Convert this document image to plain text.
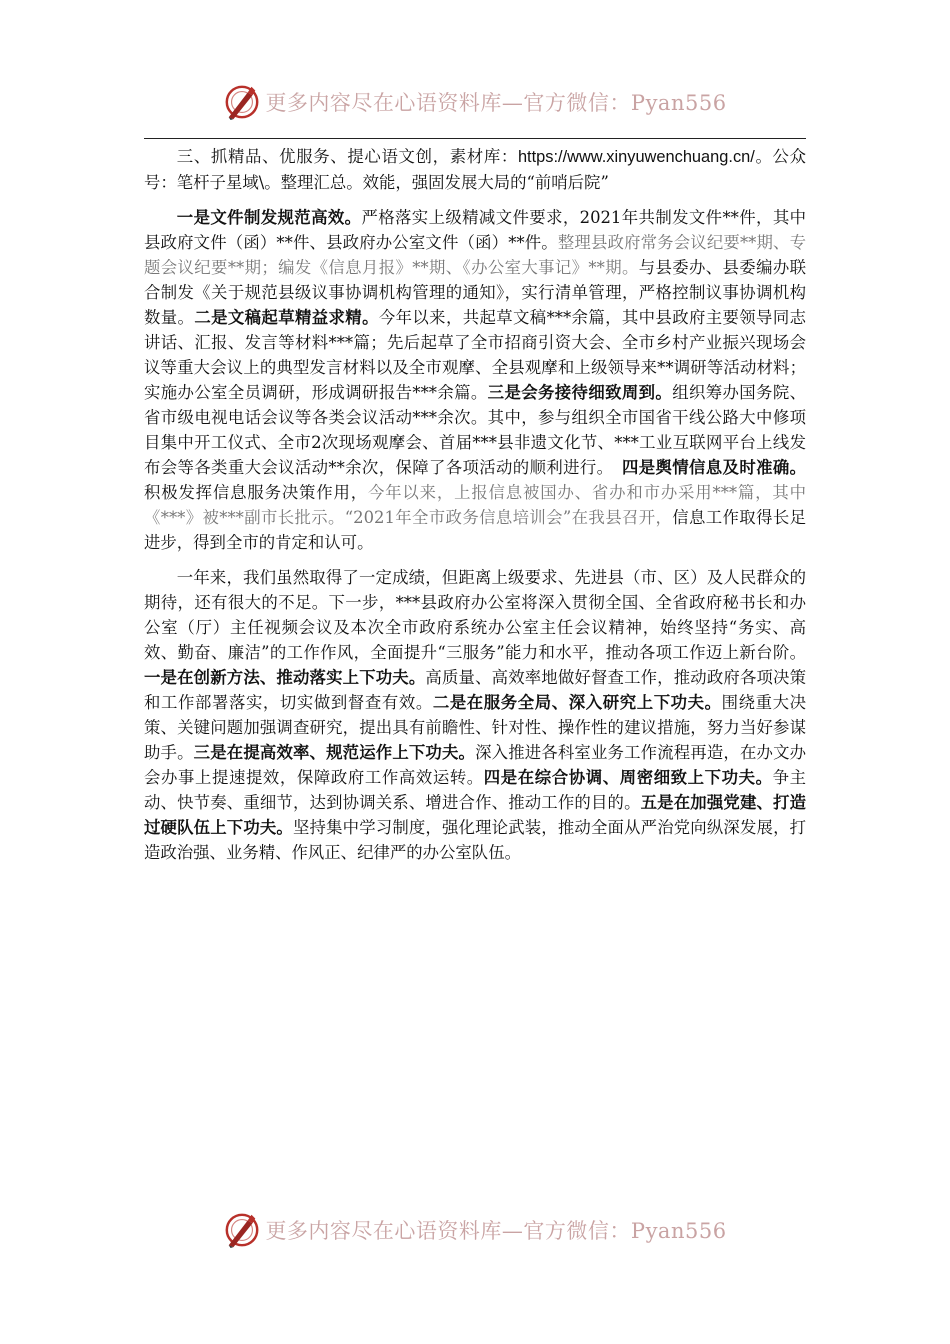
更多内容尽在心语资料库—官方微信：Pyan556

三、抓精品、优服务、提心语文创，素材库：https://www.xinyuwenchuang.cn/。公众号：笔杆子星域\。整理汇总。效能，强固发展大局的“前哨后院”

一是文件制发规范高效。严格落实上级精减文件要求，2021年共制发文件**件，其中县政府文件（函）**件、县政府办公室文件（函）**件。整理县政府常务会议纪要**期、专题会议纪要**期；编发《信息月报》**期、《办公室大事记》**期。与县委办、县委编办联合制发《关于规范县级议事协调机构管理的通知》，实行清单管理，严格控制议事协调机构数量。二是文稿起草精益求精。今年以来，共起草文稿***余篇，其中县政府主要领导同志讲话、汇报、发言等材料***篇；先后起草了全市招商引资大会、全市乡村产业振兴现场会议等重大会议上的典型发言材料以及全市观摩、全县观摩和上级领导来**调研等活动材料；实施办公室全员调研，形成调研报告***余篇。三是会务接待细致周到。组织筹办国务院、省市级电视电话会议等各类会议活动***余次。其中，参与组织全市国省干线公路大中修项目集中开工仪式、全市2次现场观摩会、首届***县非遗文化节、***工业互联网平台上线发布会等各类重大会议活动**余次，保障了各项活动的顺利进行。　 四是舆情信息及时准确。积极发挥信息服务决策作用，今年以来，上报信息被国办、省办和市办采用***篇，其中《***》被***副市长批示。“2021年全市政务信息培训会”在我县召开，信息工作取得长足进步，得到全市的肯定和认可。

一年来，我们虽然取得了一定成绩，但距离上级要求、先进县（市、区）及人民群众的期待，还有很大的不足。下一步，***县政府办公室将深入贯彻全国、全省政府秘书长和办公室（厅）主任视频会议及本次全市政府系统办公室主任会议精神，始终坚持“务实、高效、勤奋、廉洁”的工作作风，全面提升“三服务”能力和水平，推动各项工作迈上新台阶。一是在创新方法、推动落实上下功夫。高质量、高效率地做好督查工作，推动政府各项决策和工作部署落实，切实做到督查有效。二是在服务全局、深入研究上下功夫。围绕重大决策、关键问题加强调查研究，提出具有前瞻性、针对性、操作性的建议措施，努力当好参谋助手。三是在提高效率、规范运作上下功夫。深入推进各科室业务工作流程再造，在办文办会办事上提速提效，保障政府工作高效运转。四是在综合协调、周密细致上下功夫。争主动、快节奏、重细节，达到协调关系、增进合作、推动工作的目的。五是在加强党建、打造过硬队伍上下功夫。坚持集中学习制度，强化理论武装，推动全面从严治党向纵深发展，打造政治强、业务精、作风正、纪律严的办公室队伍。

更多内容尽在心语资料库—官方微信：Pyan556
